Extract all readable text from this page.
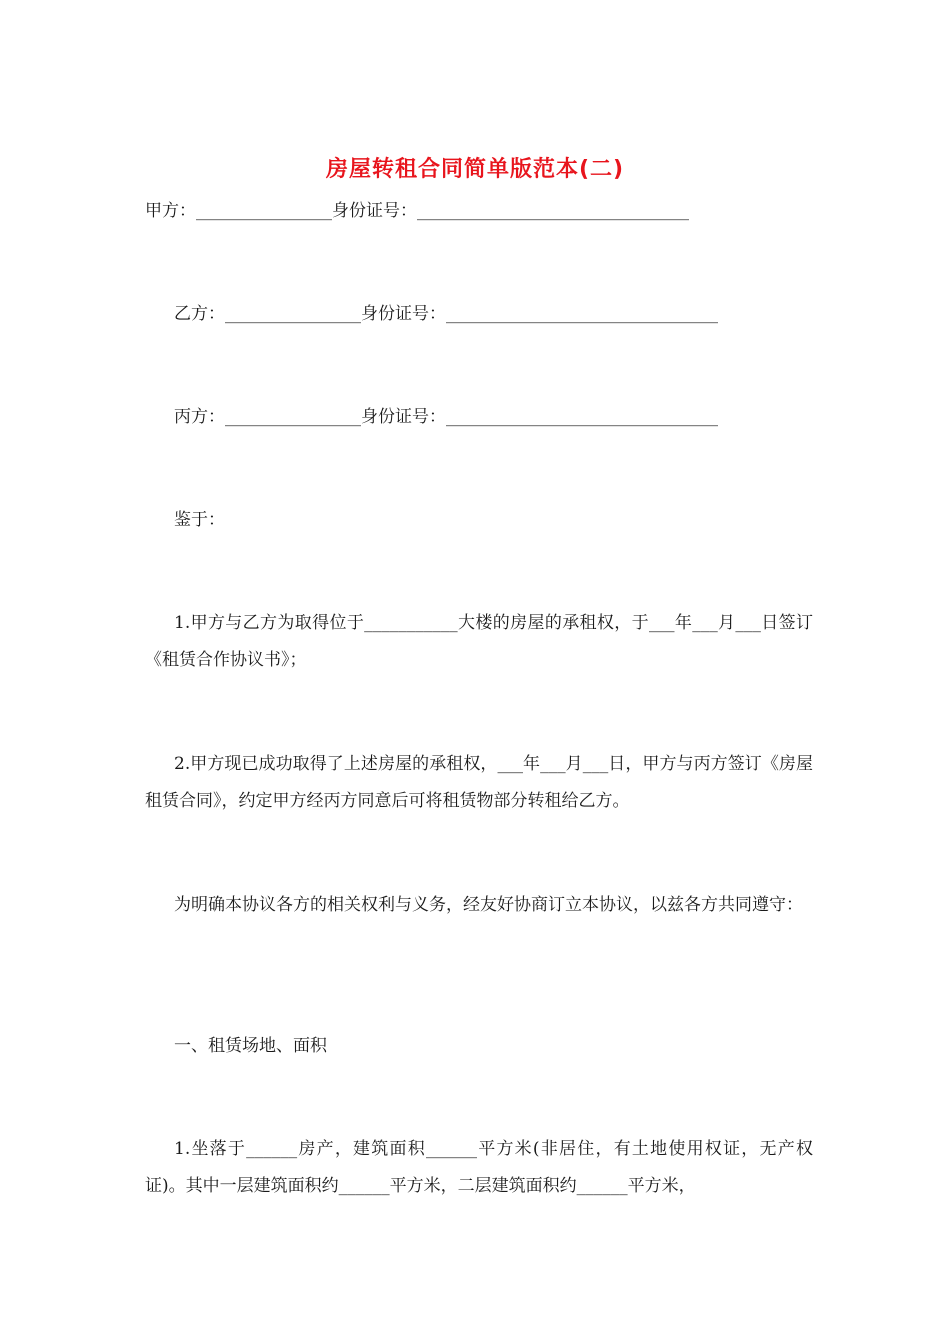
房屋转租合同简单版范本(二)
甲方：________________身份证号：________________________________
乙方：________________身份证号：________________________________
丙方：________________身份证号：________________________________
鉴于：
1.甲方与乙方为取得位于___________大楼的房屋的承租权，于___年___月___日签订《租赁合作协议书》；
2.甲方现已成功取得了上述房屋的承租权，___年___月___日，甲方与丙方签订《房屋租赁合同》，约定甲方经丙方同意后可将租赁物部分转租给乙方。
为明确本协议各方的相关权利与义务，经友好协商订立本协议，以兹各方共同遵守：
一、租赁场地、面积
1.坐落于______房产，建筑面积______平方米(非居住，有土地使用权证，无产权证)。其中一层建筑面积约______平方米，二层建筑面积约______平方米，
